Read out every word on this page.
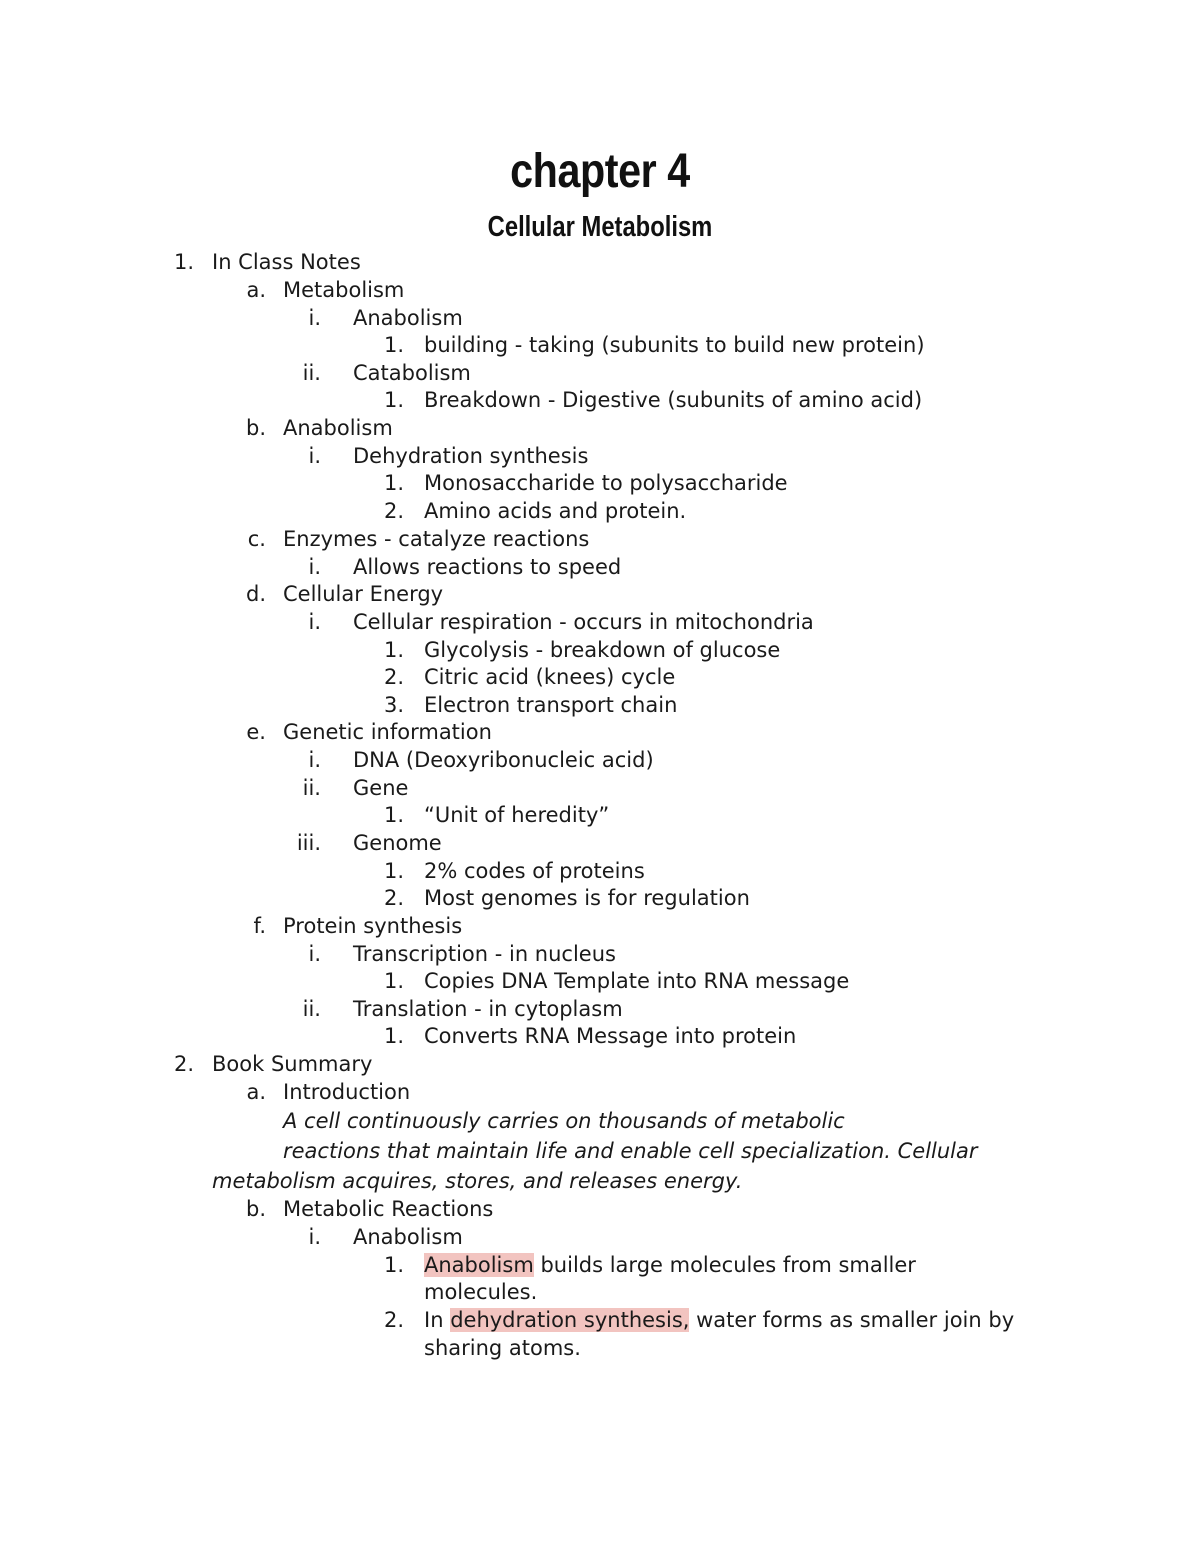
chapter 4
Cellular Metabolism
1. In Class Notes
a. Metabolism
i. Anabolism
1. building - taking (subunits to build new protein)
ii. Catabolism
1. Breakdown - Digestive (subunits of amino acid)
b. Anabolism
i. Dehydration synthesis
1. Monosaccharide to polysaccharide
2. Amino acids and protein.
c. Enzymes - catalyze reactions
i. Allows reactions to speed
d. Cellular Energy
i. Cellular respiration - occurs in mitochondria
1. Glycolysis - breakdown of glucose
2. Citric acid (knees) cycle
3. Electron transport chain
e. Genetic information
i. DNA (Deoxyribonucleic acid)
ii. Gene
1. “Unit of heredity”
iii. Genome
1. 2% codes of proteins
2. Most genomes is for regulation
f. Protein synthesis
i. Transcription - in nucleus
1. Copies DNA Template into RNA message
ii. Translation - in cytoplasm
1. Converts RNA Message into protein
2. Book Summary
a. Introduction
A cell continuously carries on thousands of metabolic
reactions that maintain life and enable cell specialization. Cellular
metabolism acquires, stores, and releases energy.
b. Metabolic Reactions
i. Anabolism
1. Anabolism builds large molecules from smaller
molecules.
2. In dehydration synthesis, water forms as smaller join by
sharing atoms.
